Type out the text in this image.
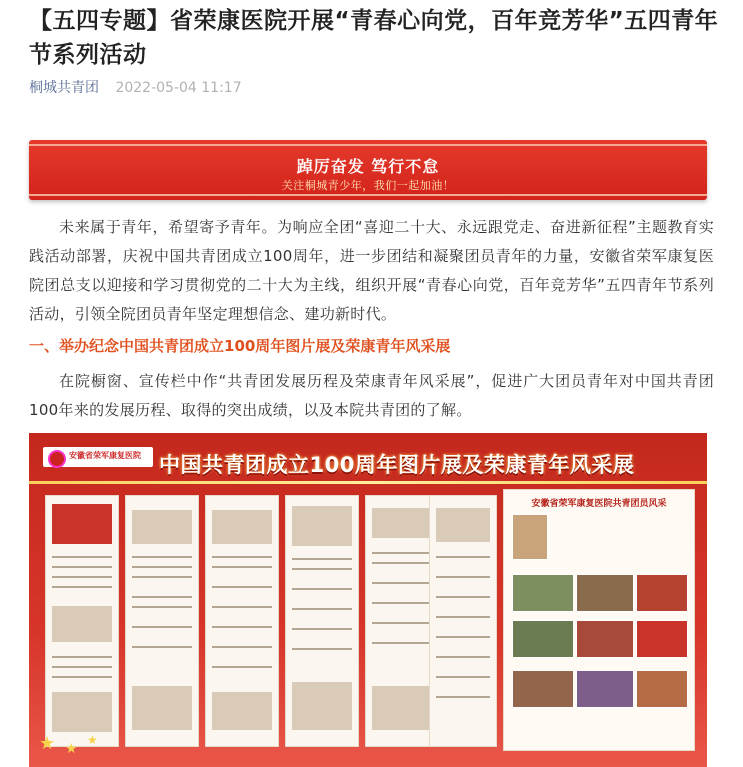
【五四专题】省荣康医院开展“青春心向党，百年竞芳华”五四青年节系列活动
桐城共青团 2022-05-04 11:17
踔厉奋发 笃行不怠
关注桐城青少年，我们一起加油！
未来属于青年，希望寄予青年。为响应全团“喜迎二十大、永远跟党走、奋进新征程”主题教育实践活动部署，庆祝中国共青团成立100周年，进一步团结和凝聚团员青年的力量，安徽省荣军康复医院团总支以迎接和学习贯彻党的二十大为主线，组织开展“青春心向党，百年竞芳华”五四青年节系列活动，引领全院团员青年坚定理想信念、建功新时代。
一、举办纪念中国共青团成立100周年图片展及荣康青年风采展
在院橱窗、宣传栏中作“共青团发展历程及荣康青年风采展”，促进广大团员青年对中国共青团100年来的发展历程、取得的突出成绩，以及本院共青团的了解。
安徽省荣军康复医院 中国共青团成立100周年图片展及荣康青年风采展
安徽省荣军康复医院共青团员风采
★ ★
★
